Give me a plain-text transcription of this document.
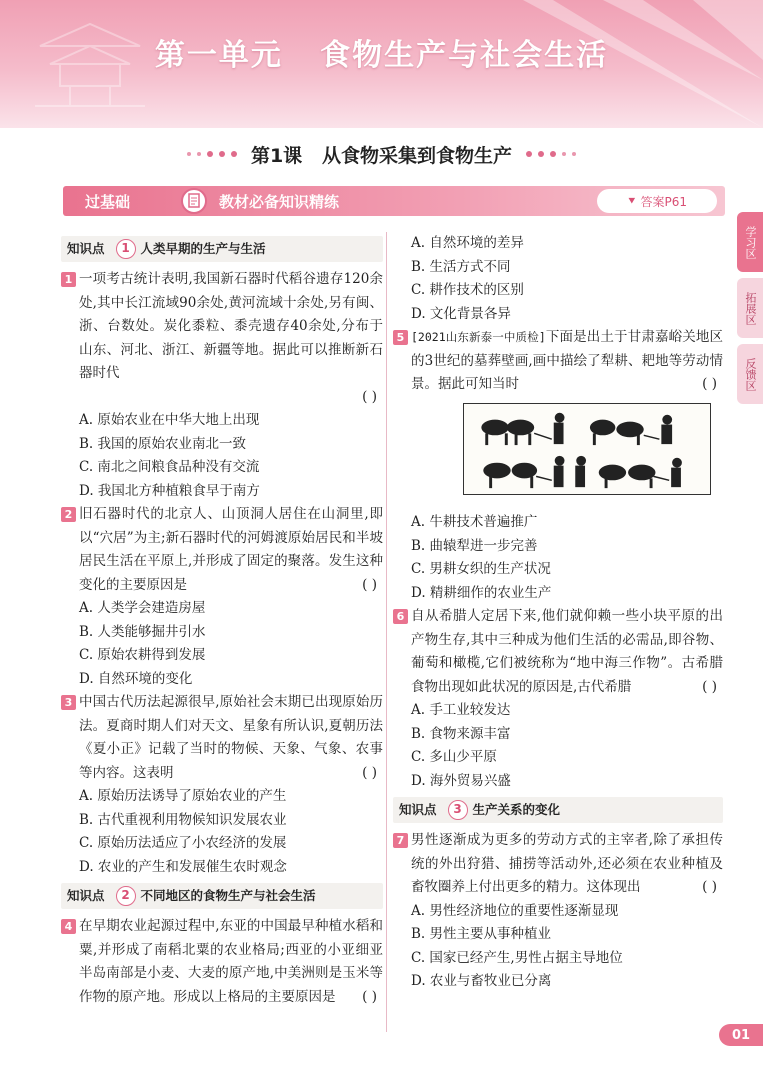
第一单元   食物生产与社会生活
第1课   从食物采集到食物生产
过基础	教材必备知识精练	⯆ 答案P61
学习区
拓展区
反馈区
知识点	1 人类早期的生产与生活
1 一项考古统计表明,我国新石器时代稻谷遗存120余处,其中长江流域90余处,黄河流域十余处,另有闽、浙、台数处。炭化黍粒、黍壳遗存40余处,分布于山东、河北、浙江、新疆等地。据此可以推断新石器时代
( )

A. 原始农业在中华大地上出现
B. 我国的原始农业南北一致
C. 南北之间粮食品种没有交流
D. 我国北方种植粮食早于南方
2 旧石器时代的北京人、山顶洞人居住在山洞里,即以“穴居”为主;新石器时代的河姆渡原始居民和半坡居民生活在平原上,并形成了固定的聚落。发生这种变化的主要原因是	( )
A. 人类学会建造房屋
B. 人类能够掘井引水
C. 原始农耕得到发展
D. 自然环境的变化
3 中国古代历法起源很早,原始社会末期已出现原始历法。夏商时期人们对天文、星象有所认识,夏朝历法《夏小正》记载了当时的物候、天象、气象、农事等内容。这表明	( )
A. 原始历法诱导了原始农业的产生
B. 古代重视利用物候知识发展农业
C. 原始历法适应了小农经济的发展
D. 农业的产生和发展催生农时观念
知识点	2 不同地区的食物生产与社会生活
4 在早期农业起源过程中,东亚的中国最早种植水稻和粟,并形成了南稻北粟的农业格局;西亚的小亚细亚半岛南部是小麦、大麦的原产地,中美洲则是玉米等作物的原产地。形成以上格局的主要原因是 ( )
A. 自然环境的差异
B. 生活方式不同
C. 耕作技术的区别
D. 文化背景各异
5 [2021山东新泰一中质检]下面是出土于甘肃嘉峪关地区的3世纪的墓葬壁画,画中描绘了犁耕、耙地等劳动情景。据此可知当时	( )
A. 牛耕技术普遍推广
B. 曲辕犁进一步完善
C. 男耕女织的生产状况
D. 精耕细作的农业生产
6 自从希腊人定居下来,他们就仰赖一些小块平原的出产物生存,其中三种成为他们生活的必需品,即谷物、葡萄和橄榄,它们被统称为“地中海三作物”。古希腊食物出现如此状况的原因是,古代希腊	( )
A. 手工业较发达
B. 食物来源丰富
C. 多山少平原
D. 海外贸易兴盛
知识点	3 生产关系的变化
7 男性逐渐成为更多的劳动方式的主宰者,除了承担传统的外出狩猎、捕捞等活动外,还必须在农业种植及畜牧圈养上付出更多的精力。这体现出	( )
A. 男性经济地位的重要性逐渐显现
B. 男性主要从事种植业
C. 国家已经产生,男性占据主导地位
D. 农业与畜牧业已分离
01
